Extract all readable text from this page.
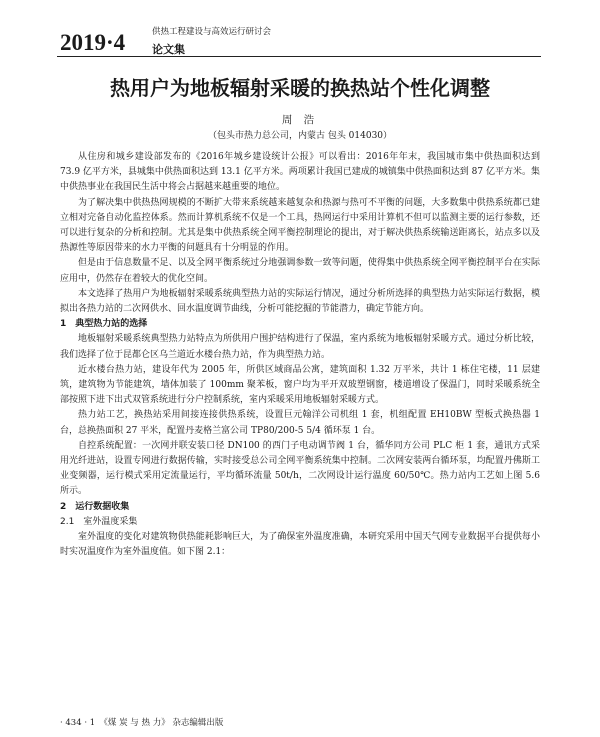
2019·4	供热工程建设与高效运行研讨会
论文集
热用户为地板辐射采暖的换热站个性化调整
周 浩
（包头市热力总公司，内蒙古 包头 014030）

从住房和城乡建设部发布的《2016年城乡建设统计公报》可以看出：2016年年末，我国城市集中供热面积达到 73.9 亿平方米，县城集中供热面积达到 13.1 亿平方米。两项累计我国已建成的城镇集中供热面积达到 87 亿平方米。集中供热事业在我国民生活中将会占据越来越重要的地位。

为了解决集中供热热网规模的不断扩大带来系统越来越复杂和热源与热可不平衡的问题，大多数集中供热系统都已建立相对完备自动化监控体系。然而计算机系统不仅是一个工具，热网运行中采用计算机不但可以监测主要的运行参数，还可以进行复杂的分析和控制。尤其是集中供热系统全网平衡控制理论的提出，对于解决供热系统输送距离长，站点多以及热源性等原因带来的水力平衡的问题具有十分明显的作用。

但是由于信息数量不足、以及全网平衡系统过分地强调参数一致等问题，使得集中供热系统全网平衡控制平台在实际应用中，仍然存在着较大的优化空间。

本文选择了热用户为地板辐射采暖系统典型热力站的实际运行情况，通过分析所选择的典型热力站实际运行数据，模拟出各热力站的二次网供水、回水温度调节曲线，分析可能挖掘的节能潜力，确定节能方向。

1　典型热力站的选择

地板辐射采暖系统典型热力站特点为所供用户围护结构进行了保温，室内系统为地板辐射采暖方式。通过分析比较，我们选择了位于昆都仑区乌兰道近水楼台热力站，作为典型热力站。

近水楼台热力站，建设年代为 2005 年，所供区域商品公寓，建筑面积 1.32 万平米，共计 1 栋住宅楼，11 层建筑，建筑物为节能建筑，墙体加装了 100mm 聚苯板，窗户均为平开双玻塑钢窗，楼道增设了保温门，同时采暖系统全部按照下进下出式双管系统进行分户控制系统，室内采暖采用地板辐射采暖方式。

热力站工艺，换热站采用间接连接供热系统，设置巨元翰洋公司机组 1 套，机组配置 EH10BW 型板式换热器 1 台，总换热面积 27 平米，配置丹麦格兰富公司 TP80/200-5 5/4 循环泵 1 台。

自控系统配置：一次网并联安装口径 DN100 的西门子电动调节阀 1 台，循华同方公司 PLC 柜 1 套，通讯方式采用光纤进站，设置专网进行数据传输，实时接受总公司全网平衡系统集中控制。二次网安装两台循环泵，均配置丹佛斯工业变频器，运行模式采用定流量运行，平均循环流量 50t/h，二次网设计运行温度 60/50℃。热力站内工艺如上图 5.6 所示。

2　运行数据收集

2.1　室外温度采集

室外温度的变化对建筑物供热能耗影响巨大，为了确保室外温度准确，本研究采用中国天气网专业数据平台提供每小时实况温度作为室外温度值。如下图 2.1：

· 434 · 1　《煤 炭 与 热 力》 杂志编辑出版
